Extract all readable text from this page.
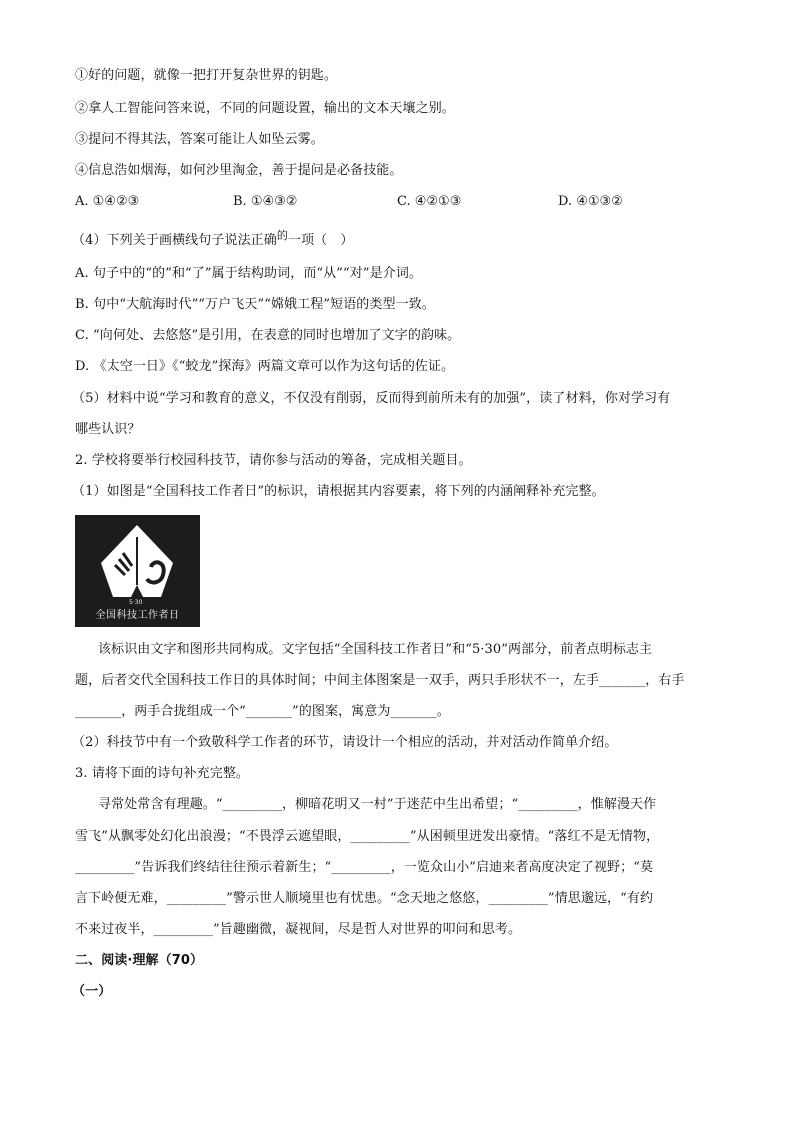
①好的问题，就像一把打开复杂世界的钥匙。
②拿人工智能问答来说，不同的问题设置，输出的文本天壤之别。
③提问不得其法，答案可能让人如坠云雾。
④信息浩如烟海，如何沙里淘金，善于提问是必备技能。
A. ①④②③	B. ①④③②	C. ④②①③	D. ④①③②
（4）下列关于画横线句子说法正确$^的$一项（　）
A. 句子中的“的”和“了”属于结构助词，而“从”“对”是介词。
B. 句中“大航海时代”“万户飞天”“嫦娥工程”短语的类型一致。
C. “向何处、去悠悠”是引用，在表意的同时也增加了文字的韵味。
D. 《太空一日》《“蛟龙”探海》两篇文章可以作为这句话的佐证。
（5）材料中说“学习和教育的意义，不仅没有削弱，反而得到前所未有的加强”，读了材料，你对学习有
哪些认识？
2. 学校将要举行校园科技节，请你参与活动的筹备，完成相关题目。
（1）如图是“全国科技工作者日”的标识，请根据其内容要素，将下列的内涵阐释补充完整。
5·30
全国科技工作者日
该标识由文字和图形共同构成。文字包括“全国科技工作者日”和“5·30”两部分，前者点明标志主
题，后者交代全国科技工作日的具体时间；中间主体图案是一双手，两只手形状不一，左手_______，右手
_______，两手合拢组成一个“_______”的图案，寓意为_______。
（2）科技节中有一个致敬科学工作者的环节，请设计一个相应的活动，并对活动作简单介绍。
3. 请将下面的诗句补充完整。
寻常处常含有理趣。“_________，柳暗花明又一村”于迷茫中生出希望；“_________，惟解漫天作
雪飞”从飘零处幻化出浪漫；“不畏浮云遮望眼，_________”从困顿里迸发出豪情。“落红不是无情物，
_________”告诉我们终结往往预示着新生；“_________，一览众山小”启迪来者高度决定了视野；“莫
言下岭便无难，_________”警示世人顺境里也有忧患。“念天地之悠悠，_________”情思邈远，“有约
不来过夜半，_________”旨趣幽微，凝视间，尽是哲人对世界的叩问和思考。
二、阅读·理解（70）
（一）
